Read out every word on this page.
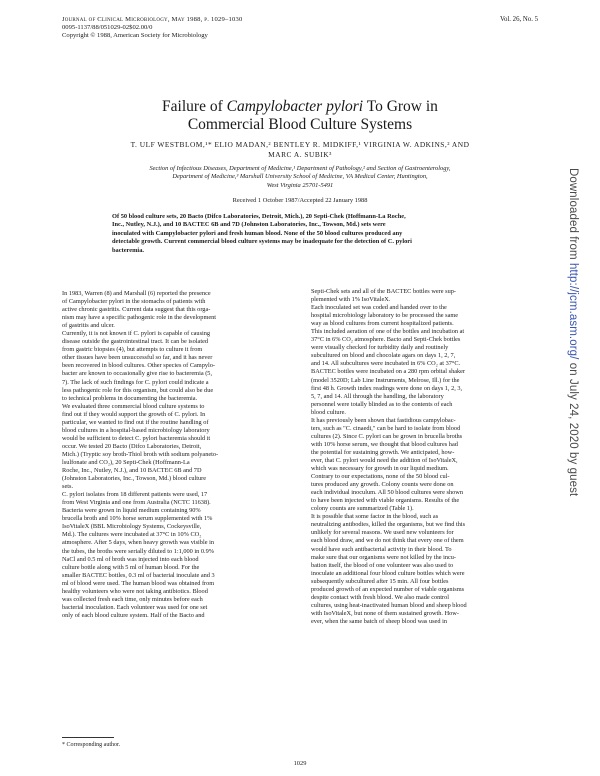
Journal of Clinical Microbiology, May 1988, p. 1029–1030
0095-1137/88/051029-02$02.00/0
Copyright © 1988, American Society for Microbiology
Vol. 26, No. 5
Failure of Campylobacter pylori To Grow in
Commercial Blood Culture Systems
T. ULF WESTBLOM,¹* ELIO MADAN,² BENTLEY R. MIDKIFF,¹ VIRGINIA W. ADKINS,² AND
MARC A. SUBIK³
Section of Infectious Diseases, Department of Medicine,¹ Department of Pathology,² and Section of Gastroenterology,
Department of Medicine,³ Marshall University School of Medicine, VA Medical Center, Huntington,
West Virginia 25701-5491
Received 1 October 1987/Accepted 22 January 1988
Of 50 blood culture sets, 20 Bacto (Difco Laboratories, Detroit, Mich.), 20 Septi-Chek (Hoffmann-La Roche,
Inc., Nutley, N.J.), and 10 BACTEC 6B and 7D (Johnston Laboratories, Inc., Towson, Md.) sets were
inoculated with Campylobacter pylori and fresh human blood. None of the 50 blood cultures produced any
detectable growth. Current commercial blood culture systems may be inadequate for the detection of C. pylori
bacteremia.
In 1983, Warren (8) and Marshall (6) reported the presence
of Campylobacter pylori in the stomachs of patients with
active chronic gastritis. Current data suggest that this orga-
nism may have a specific pathogenic role in the development
of gastritis and ulcer.
Currently, it is not known if C. pylori is capable of causing
disease outside the gastrointestinal tract. It can be isolated
from gastric biopsies (4), but attempts to culture it from
other tissues have been unsuccessful so far, and it has never
been recovered in blood cultures. Other species of Campylo-
bacter are known to occasionally give rise to bacteremia (5,
7). The lack of such findings for C. pylori could indicate a
less pathogenic role for this organism, but could also be due
to technical problems in documenting the bacteremia.
We evaluated three commercial blood culture systems to
find out if they would support the growth of C. pylori. In
particular, we wanted to find out if the routine handling of
blood cultures in a hospital-based microbiology laboratory
would be sufficient to detect C. pylori bacteremia should it
occur. We tested 20 Bacto (Difco Laboratories, Detroit,
Mich.) (Tryptic soy broth-Thiol broth with sodium polyaneto-
lsulfonate and CO₂), 20 Septi-Chek (Hoffmann-La
Roche, Inc., Nutley, N.J.), and 10 BACTEC 6B and 7D
(Johnston Laboratories, Inc., Towson, Md.) blood culture
sets.
C. pylori isolates from 18 different patients were used, 17
from West Virginia and one from Australia (NCTC 11638).
Bacteria were grown in liquid medium containing 90%
brucella broth and 10% horse serum supplemented with 1%
IsoVitaleX (BBL Microbiology Systems, Cockeysville,
Md.). The cultures were incubated at 37°C in 10% CO₂
atmosphere. After 5 days, when heavy growth was visible in
the tubes, the broths were serially diluted to 1:1,000 in 0.9%
NaCl and 0.5 ml of broth was injected into each blood
culture bottle along with 5 ml of human blood. For the
smaller BACTEC bottles, 0.3 ml of bacterial inoculate and 3
ml of blood were used. The human blood was obtained from
healthy volunteers who were not taking antibiotics. Blood
was collected fresh each time, only minutes before each
bacterial inoculation. Each volunteer was used for one set
only of each blood culture system. Half of the Bacto and
Septi-Chek sets and all of the BACTEC bottles were sup-
plemented with 1% IsoVitaleX.
Each inoculated set was coded and handed over to the
hospital microbiology laboratory to be processed the same
way as blood cultures from current hospitalized patients.
This included aeration of one of the bottles and incubation at
37°C in 6% CO₂ atmosphere. Bacto and Septi-Chek bottles
were visually checked for turbidity daily and routinely
subcultured on blood and chocolate agars on days 1, 2, 7,
and 14. All subcultures were incubated in 6% CO₂ at 37°C.
BACTEC bottles were incubated on a 280 rpm orbital shaker
(model 3520D; Lab Line Instruments, Melrose, Ill.) for the
first 48 h. Growth index readings were done on days 1, 2, 3,
5, 7, and 14. All through the handling, the laboratory
personnel were totally blinded as to the contents of each
blood culture.
It has previously been shown that fastidious campylobac-
ters, such as "C. cinaedi," can be hard to isolate from blood
cultures (2). Since C. pylori can be grown in brucella broths
with 10% horse serum, we thought that blood cultures had
the potential for sustaining growth. We anticipated, how-
ever, that C. pylori would need the addition of IsoVitaleX,
which was necessary for growth in our liquid medium.
Contrary to our expectations, none of the 50 blood cul-
tures produced any growth. Colony counts were done on
each individual inoculum. All 50 blood cultures were shown
to have been injected with viable organisms. Results of the
colony counts are summarized (Table 1).
It is possible that some factor in the blood, such as
neutralizing antibodies, killed the organisms, but we find this
unlikely for several reasons. We used new volunteers for
each blood draw, and we do not think that every one of them
would have such antibacterial activity in their blood. To
make sure that our organisms were not killed by the incu-
bation itself, the blood of one volunteer was also used to
inoculate an additional four blood culture bottles which were
subsequently subcultured after 15 min. All four bottles
produced growth of an expected number of viable organisms
despite contact with fresh blood. We also made control
cultures, using heat-inactivated human blood and sheep blood
with IsoVitaleX, but none of them sustained growth. How-
ever, when the same batch of sheep blood was used in
* Corresponding author.
1029
Downloaded from http://jcm.asm.org/ on July 24, 2020 by guest
